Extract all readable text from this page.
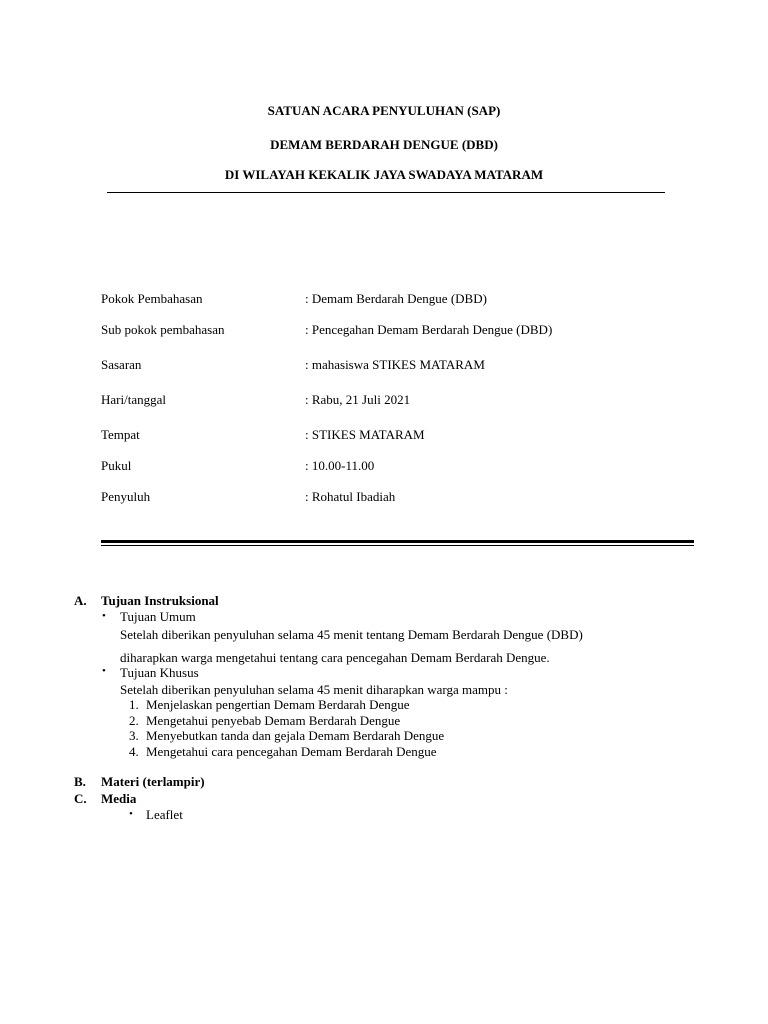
SATUAN ACARA PENYULUHAN (SAP)
DEMAM BERDARAH DENGUE (DBD)
DI WILAYAH KEKALIK JAYA SWADAYA MATARAM
Pokok Pembahasan	: Demam Berdarah Dengue (DBD)
Sub pokok pembahasan	: Pencegahan Demam Berdarah Dengue (DBD)
Sasaran	: mahasiswa STIKES MATARAM
Hari/tanggal	: Rabu, 21 Juli 2021
Tempat	: STIKES MATARAM
Pukul	: 10.00-11.00
Penyuluh	: Rohatul Ibadiah
A. Tujuan Instruksional
• Tujuan Umum
Setelah diberikan penyuluhan selama 45 menit tentang Demam Berdarah Dengue (DBD)
diharapkan warga mengetahui tentang cara pencegahan Demam Berdarah Dengue.
• Tujuan Khusus
Setelah diberikan penyuluhan selama 45 menit diharapkan warga mampu :
1. Menjelaskan pengertian Demam Berdarah Dengue
2. Mengetahui penyebab Demam Berdarah Dengue
3. Menyebutkan tanda dan gejala Demam Berdarah Dengue
4. Mengetahui cara pencegahan Demam Berdarah Dengue
B. Materi (terlampir)
C. Media
• Leaflet
